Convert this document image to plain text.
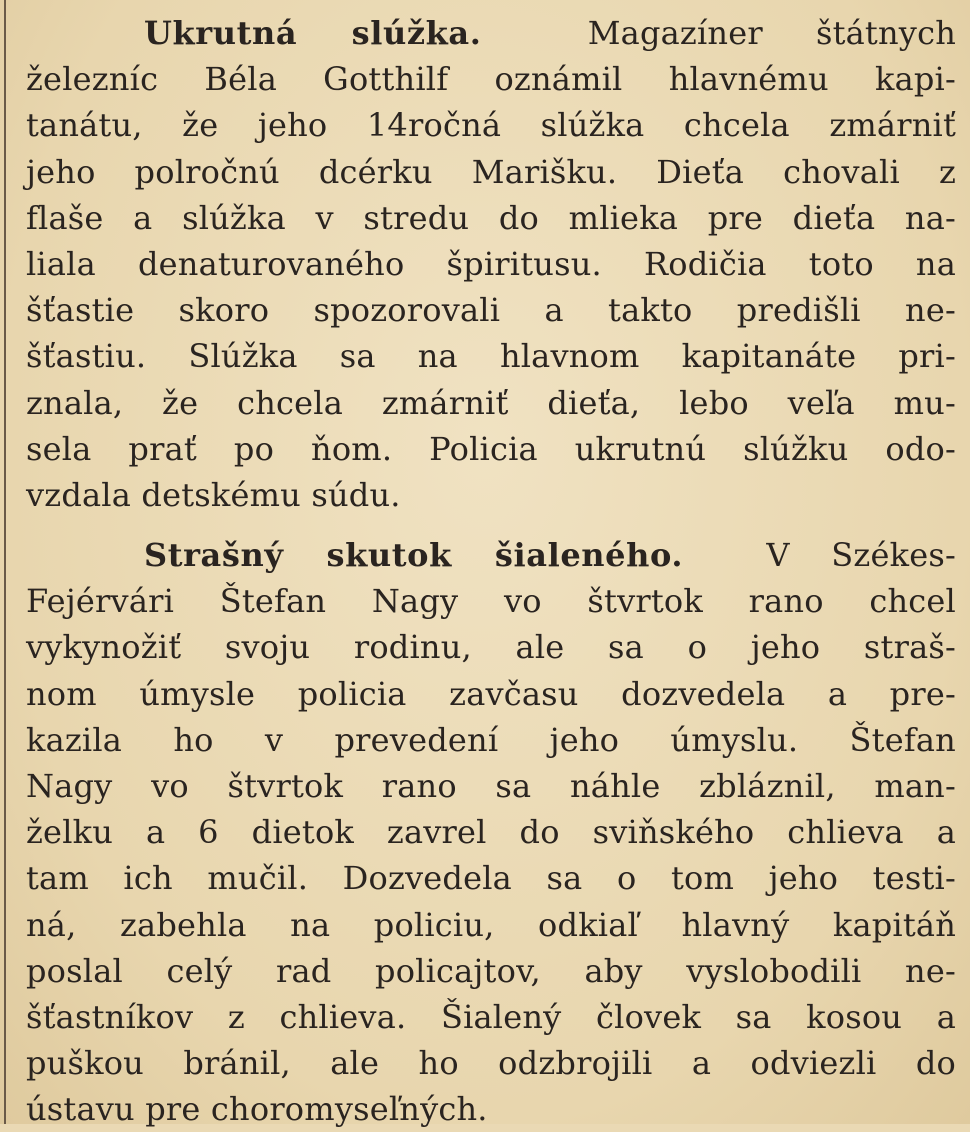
Ukrutná slúžka.	Magazíner štátnych
železníc Béla Gotthilf oznámil hlavnému kapi-
tanátu, že jeho 14ročná slúžka chcela zmárniť
jeho polročnú dcérku Marišku. Dieťa chovali z
flaše a slúžka v stredu do mlieka pre dieťa na-
liala denaturovaného špiritusu. Rodičia toto na
šťastie skoro spozorovali a takto predišli ne-
šťastiu. Slúžka sa na hlavnom kapitanáte pri-
znala, že chcela zmárniť dieťa, lebo veľa mu-
sela prať po ňom. Policia ukrutnú slúžku odo-
vzdala detskému súdu.
Strašný skutok šialeného.	V Székes-
Fejérvári Štefan Nagy vo štvrtok rano chcel
vykynožiť svoju rodinu, ale sa o jeho straš-
nom úmysle policia zavčasu dozvedela a pre-
kazila ho v prevedení jeho úmyslu. Štefan
Nagy vo štvrtok rano sa náhle zbláznil, man-
želku a 6 dietok zavrel do sviňského chlieva a
tam ich mučil. Dozvedela sa o tom jeho testi-
ná, zabehla na policiu, odkiaľ hlavný kapitáň
poslal celý rad policajtov, aby vyslobodili ne-
šťastníkov z chlieva. Šialený človek sa kosou a
puškou bránil, ale ho odzbrojili a odviezli do
ústavu pre choromyseľných.
